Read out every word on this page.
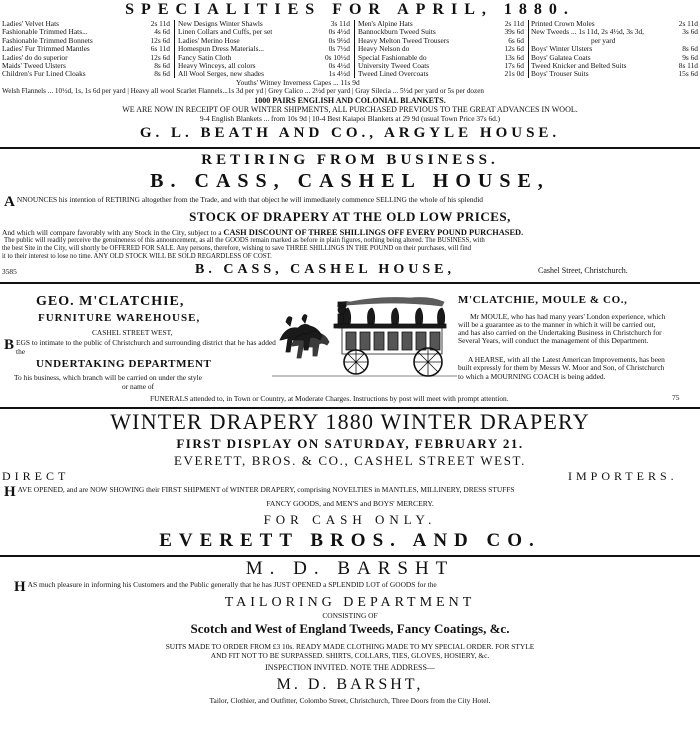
SPECIALITIES FOR APRIL, 1880.
Ladies' Velvet Hats	2s 11d
Fashionable Trimmed Hats...	4s 6d
Fashionable Trimmed Bonnets	12s 6d
Ladies' Fur Trimmed Mantles	6s 11d
Ladies' do do superior	12s 6d
Maids' Tweed Ulsters	8s 6d
Children's Fur Lined Cloaks	8s 6d
New Designs Winter Shawls	3s 11d
Linen Collars and Cuffs, per set	0s 4½d
Ladies' Merino Hose	0s 9½d
Homespun Dress Materials...	0s 7½d
Fancy Satin Cloth	0s 10½d
Heavy Winceys, all colors	0s 4½d
All Wool Serges, new shades	1s 4½d
Men's Alpine Hats	2s 11d
Bannockburn Tweed Suits	39s 6d
Heavy Melton Tweed Trousers	6s 6d
Heavy Nelson do	12s 6d
Special Fashionable do	13s 6d
University Tweed Coats	17s 6d
Tweed Lined Overcoats	21s 0d
Printed Crown Moles	2s 11d
New Tweeds ... 1s 11d, 2s 4½d, 3s 3d,	3s 6d
per yard
Boys' Winter Ulsters	8s 6d
Boys' Galatea Coats	9s 6d
Tweed Knicker and Belted Suits	8s 11d
Boys' Trouser Suits	15s 6d
Youths' Witney Inverness Capes ... 11s 9d
Welsh Flannels ... 10½d, 1s, 1s 6d per yard | Heavy all wool Scarlet Flannels...1s 3d per yd | Grey Calico ... 2½d per yard | Gray Silecia ... 5½d per yard or 5s per dozen
1000 PAIRS ENGLISH AND COLONIAL BLANKETS.
WE ARE NOW IN RECEIPT OF OUR WINTER SHIPMENTS, ALL PURCHASED PREVIOUS TO THE GREAT ADVANCES IN WOOL.
9-4 English Blankets ... from 10s 9d | 10-4 Best Kaiapoi Blankets at 29 9d (usual Town Price 37s 6d.)
G. L. BEATH AND CO., ARGYLE HOUSE.
RETIRING FROM BUSINESS.
B. CASS, CASHEL HOUSE,
ANNOUNCES his intention of RETIRING altogether from the Trade, and with that object he will immediately commence SELLING the whole of his splendid
STOCK OF DRAPERY AT THE OLD LOW PRICES,
And which will compare favorably with any Stock in the City, subject to a CASH DISCOUNT OF THREE SHILLINGS OFF EVERY POUND PURCHASED.
The public will readily perceive the genuineness of this announcement, as all the GOODS remain marked as before in plain figures, nothing being altered. The BUSINESS, with
the best Site in the City, will shortly be OFFERED FOR SALE. Any persons, therefore, wishing to save THREE SHILLINGS IN THE POUND on their purchases, will find
it to their interest to lose no time. ANY OLD STOCK WILL BE SOLD REGARDLESS OF COST.
3585	B. CASS, CASHEL HOUSE,	Cashel Street, Christchurch.
GEO. M'CLATCHIE,
FURNITURE WAREHOUSE,
CASHEL STREET WEST,
BEGS to intimate to the public of Christchurch and surrounding district that he has added the
UNDERTAKING DEPARTMENT
To his business, which branch will be carried on under the style
or name of
M'CLATCHIE, MOULE & CO.,
Mr MOULE, who has had many years' London experience, which
will be a guarantee as to the manner in which it will be carried out,
and has also carried on the Undertaking Business in Christchurch for
Several Years, will conduct the management of this Department.
A HEARSE, with all the Latest American Improvements, has been
built expressly for them by Messrs W. Moor and Son, of Christchurch
to which a MOURNING COACH is being added.
FUNERALS attended to, in Town or Country, at Moderate Charges. Instructions by post will meet with prompt attention.	75
WINTER DRAPERY 1880 WINTER DRAPERY
FIRST DISPLAY ON SATURDAY, FEBRUARY 21.
EVERETT, BROS. & CO., CASHEL STREET WEST.
DIRECT	IMPORTERS.
HAVE OPENED, and are NOW SHOWING their FIRST SHIPMENT of WINTER DRAPERY, comprising NOVELTIES in MANTLES, MILLINERY, DRESS STUFFS
FANCY GOODS, and MEN'S and BOYS' MERCERY.
FOR CASH ONLY.
EVERETT BROS. AND CO.
M. D. BARSHT
HAS much pleasure in informing his Customers and the Public generally that he has JUST OPENED a SPLENDID LOT of GOODS for the
TAILORING DEPARTMENT
CONSISTING OF
Scotch and West of England Tweeds, Fancy Coatings, &c.
SUITS MADE TO ORDER FROM £3 10s. READY MADE CLOTHING MADE TO MY SPECIAL ORDER. FOR STYLE
AND FIT NOT TO BE SURPASSED. SHIRTS, COLLARS, TIES, GLOVES, HOSIERY, &c.
INSPECTION INVITED. NOTE THE ADDRESS—
M. D. BARSHT,
Tailor, Clothier, and Outfitter, Colombo Street, Christchurch, Three Doors from the City Hotel.
